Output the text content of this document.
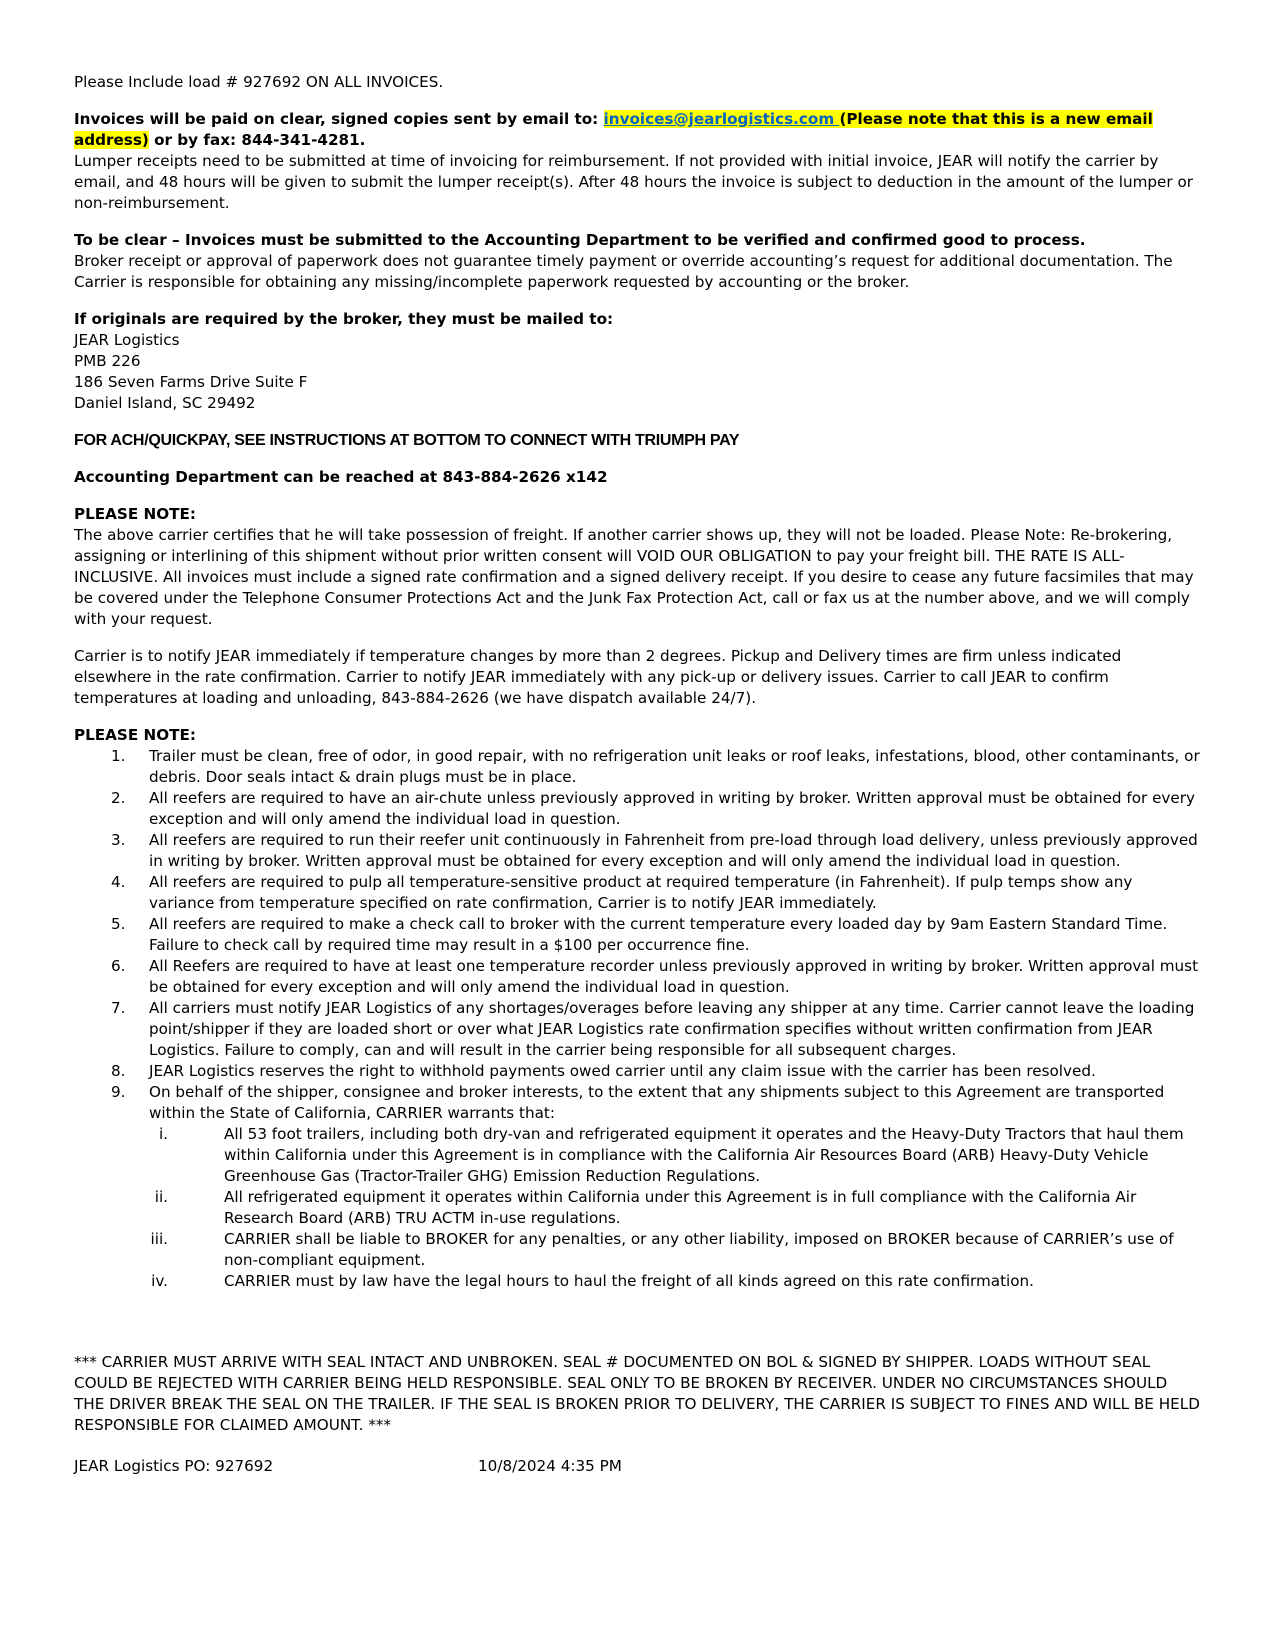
Please Include load # 927692 ON ALL INVOICES.

Invoices will be paid on clear, signed copies sent by email to: invoices@jearlogistics.com (Please note that this is a new email address) or by fax: 844-341-4281.

Lumper receipts need to be submitted at time of invoicing for reimbursement. If not provided with initial invoice, JEAR will notify the carrier by email, and 48 hours will be given to submit the lumper receipt(s). After 48 hours the invoice is subject to deduction in the amount of the lumper or non-reimbursement.

To be clear – Invoices must be submitted to the Accounting Department to be verified and confirmed good to process.

Broker receipt or approval of paperwork does not guarantee timely payment or override accounting’s request for additional documentation. The Carrier is responsible for obtaining any missing/incomplete paperwork requested by accounting or the broker.

If originals are required by the broker, they must be mailed to:

JEAR Logistics

PMB 226

186 Seven Farms Drive Suite F

Daniel Island, SC 29492

FOR ACH/QUICKPAY, SEE INSTRUCTIONS AT BOTTOM TO CONNECT WITH TRIUMPH PAY

Accounting Department can be reached at 843-884-2626 x142

PLEASE NOTE:

The above carrier certifies that he will take possession of freight. If another carrier shows up, they will not be loaded. Please Note: Re-brokering, assigning or interlining of this shipment without prior written consent will VOID OUR OBLIGATION to pay your freight bill. THE RATE IS ALL-INCLUSIVE. All invoices must include a signed rate confirmation and a signed delivery receipt. If you desire to cease any future facsimiles that may be covered under the Telephone Consumer Protections Act and the Junk Fax Protection Act, call or fax us at the number above, and we will comply with your request.

Carrier is to notify JEAR immediately if temperature changes by more than 2 degrees. Pickup and Delivery times are firm unless indicated elsewhere in the rate confirmation. Carrier to notify JEAR immediately with any pick-up or delivery issues. Carrier to call JEAR to confirm temperatures at loading and unloading, 843-884-2626 (we have dispatch available 24/7).

PLEASE NOTE:

1. Trailer must be clean, free of odor, in good repair, with no refrigeration unit leaks or roof leaks, infestations, blood, other contaminants, or debris. Door seals intact & drain plugs must be in place.
2. All reefers are required to have an air-chute unless previously approved in writing by broker. Written approval must be obtained for every exception and will only amend the individual load in question.
3. All reefers are required to run their reefer unit continuously in Fahrenheit from pre-load through load delivery, unless previously approved in writing by broker. Written approval must be obtained for every exception and will only amend the individual load in question.
4. All reefers are required to pulp all temperature-sensitive product at required temperature (in Fahrenheit). If pulp temps show any variance from temperature specified on rate confirmation, Carrier is to notify JEAR immediately.
5. All reefers are required to make a check call to broker with the current temperature every loaded day by 9am Eastern Standard Time. Failure to check call by required time may result in a $100 per occurrence fine.
6. All Reefers are required to have at least one temperature recorder unless previously approved in writing by broker. Written approval must be obtained for every exception and will only amend the individual load in question.
7. All carriers must notify JEAR Logistics of any shortages/overages before leaving any shipper at any time. Carrier cannot leave the loading point/shipper if they are loaded short or over what JEAR Logistics rate confirmation specifies without written confirmation from JEAR Logistics. Failure to comply, can and will result in the carrier being responsible for all subsequent charges.
8. JEAR Logistics reserves the right to withhold payments owed carrier until any claim issue with the carrier has been resolved.
9. On behalf of the shipper, consignee and broker interests, to the extent that any shipments subject to this Agreement are transported within the State of California, CARRIER warrants that:
i.	All 53 foot trailers, including both dry-van and refrigerated equipment it operates and the Heavy-Duty Tractors that haul them within California under this Agreement is in compliance with the California Air Resources Board (ARB) Heavy-Duty Vehicle Greenhouse Gas (Tractor-Trailer GHG) Emission Reduction Regulations.
ii.	All refrigerated equipment it operates within California under this Agreement is in full compliance with the California Air Research Board (ARB) TRU ACTM in-use regulations.
iii.	CARRIER shall be liable to BROKER for any penalties, or any other liability, imposed on BROKER because of CARRIER’s use of non-compliant equipment.
iv.	CARRIER must by law have the legal hours to haul the freight of all kinds agreed on this rate confirmation.

*** CARRIER MUST ARRIVE WITH SEAL INTACT AND UNBROKEN. SEAL # DOCUMENTED ON BOL & SIGNED BY SHIPPER. LOADS WITHOUT SEAL COULD BE REJECTED WITH CARRIER BEING HELD RESPONSIBLE. SEAL ONLY TO BE BROKEN BY RECEIVER. UNDER NO CIRCUMSTANCES SHOULD THE DRIVER BREAK THE SEAL ON THE TRAILER. IF THE SEAL IS BROKEN PRIOR TO DELIVERY, THE CARRIER IS SUBJECT TO FINES AND WILL BE HELD RESPONSIBLE FOR CLAIMED AMOUNT. ***

JEAR Logistics PO: 927692	10/8/2024 4:35 PM
